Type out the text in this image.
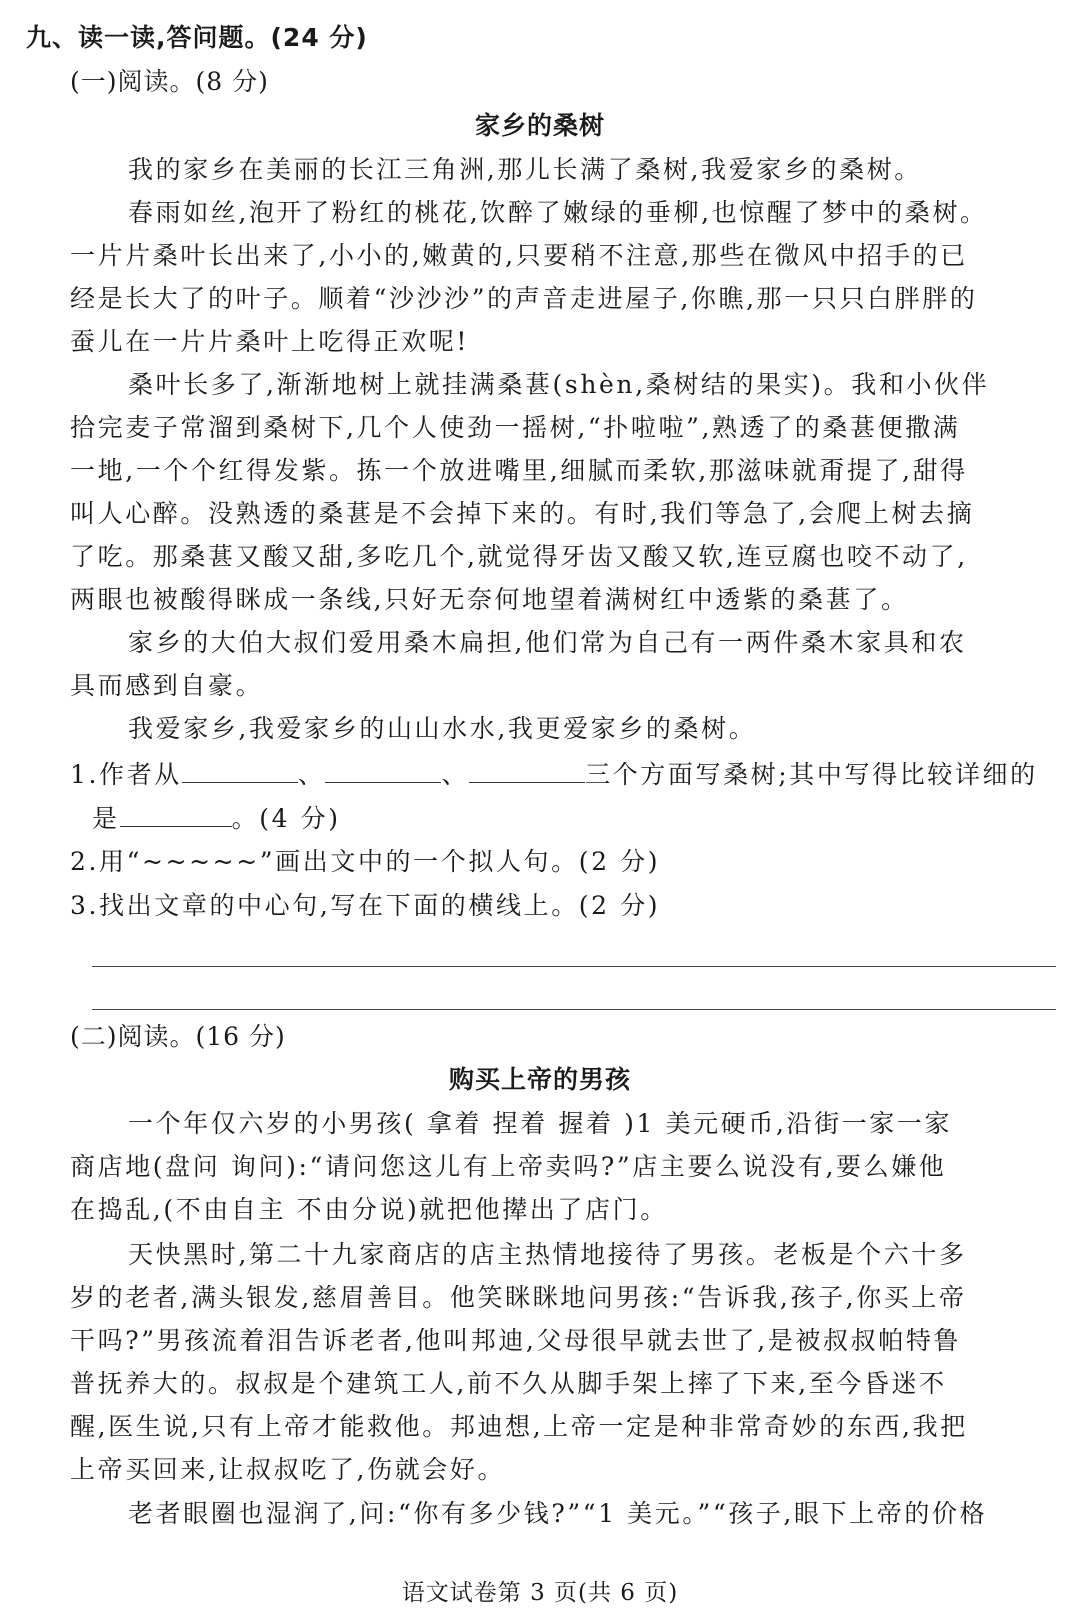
九、读一读,答问题。(24 分)
(一)阅读。(8 分)
家乡的桑树
我的家乡在美丽的长江三角洲,那儿长满了桑树,我爱家乡的桑树。
春雨如丝,泡开了粉红的桃花,饮醉了嫩绿的垂柳,也惊醒了梦中的桑树。
一片片桑叶长出来了,小小的,嫩黄的,只要稍不注意,那些在微风中招手的已
经是长大了的叶子。顺着“沙沙沙”的声音走进屋子,你瞧,那一只只白胖胖的
蚕儿在一片片桑叶上吃得正欢呢!
桑叶长多了,渐渐地树上就挂满桑葚(shèn,桑树结的果实)。我和小伙伴
拾完麦子常溜到桑树下,几个人使劲一摇树,“扑啦啦”,熟透了的桑葚便撒满
一地,一个个红得发紫。拣一个放进嘴里,细腻而柔软,那滋味就甭提了,甜得
叫人心醉。没熟透的桑葚是不会掉下来的。有时,我们等急了,会爬上树去摘
了吃。那桑葚又酸又甜,多吃几个,就觉得牙齿又酸又软,连豆腐也咬不动了,
两眼也被酸得眯成一条线,只好无奈何地望着满树红中透紫的桑葚了。
家乡的大伯大叔们爱用桑木扁担,他们常为自己有一两件桑木家具和农
具而感到自豪。
我爱家乡,我爱家乡的山山水水,我更爱家乡的桑树。
1.作者从	、	、	三个方面写桑树;其中写得比较详细的
是	。(4 分)
2.用“~~~~~”画出文中的一个拟人句。(2 分)
3.找出文章的中心句,写在下面的横线上。(2 分)
(二)阅读。(16 分)
购买上帝的男孩
一个年仅六岁的小男孩( 拿着 捏着 握着 )1 美元硬币,沿街一家一家
商店地(盘问 询问):“请问您这儿有上帝卖吗?”店主要么说没有,要么嫌他
在捣乱,(不由自主 不由分说)就把他撵出了店门。
天快黑时,第二十九家商店的店主热情地接待了男孩。老板是个六十多
岁的老者,满头银发,慈眉善目。他笑眯眯地问男孩:“告诉我,孩子,你买上帝
干吗?”男孩流着泪告诉老者,他叫邦迪,父母很早就去世了,是被叔叔帕特鲁
普抚养大的。叔叔是个建筑工人,前不久从脚手架上摔了下来,至今昏迷不
醒,医生说,只有上帝才能救他。邦迪想,上帝一定是种非常奇妙的东西,我把
上帝买回来,让叔叔吃了,伤就会好。
老者眼圈也湿润了,问:“你有多少钱?”“1 美元。”“孩子,眼下上帝的价格
语文试卷第 3 页(共 6 页)
